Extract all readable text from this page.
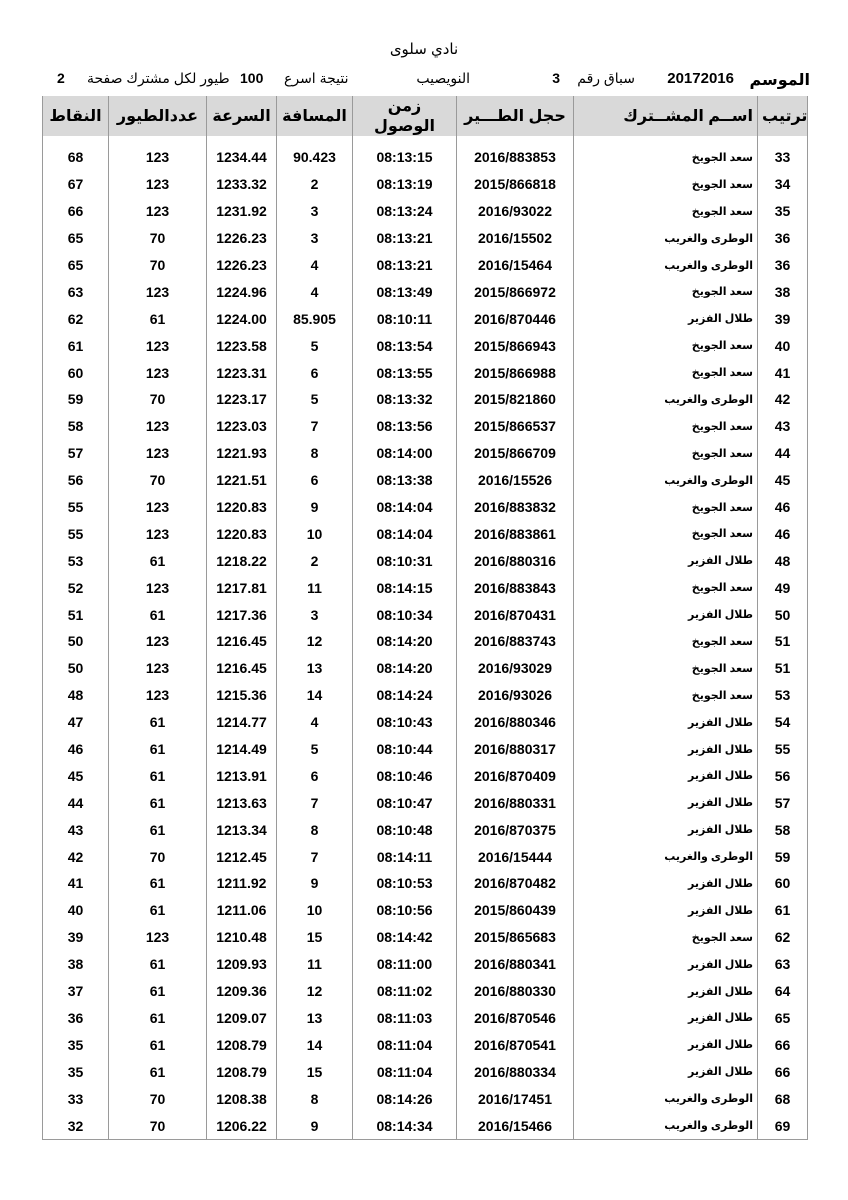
نادي سلوى
الموسم
20172016
سباق رقم
3
النويصيب
نتيجة اسرع
100
طيور لكل مشترك صفحة
2
النقاط	عددالطيور	السرعة	المسافة	زمن الوصول	حجل الطـــير	اســم المشــترك	ترتيب

68	123	1234.44	90.423	08:13:15	2016/883853	سعد الجويخ	33
67	123	1233.32	2	08:13:19	2015/866818	سعد الجويخ	34
66	123	1231.92	3	08:13:24	2016/93022	سعد الجويخ	35
65	70	1226.23	3	08:13:21	2016/15502	الوطرى والغريب	36
65	70	1226.23	4	08:13:21	2016/15464	الوطرى والغريب	36
63	123	1224.96	4	08:13:49	2015/866972	سعد الجويخ	38
62	61	1224.00	85.905	08:10:11	2016/870446	طلال الفزير	39
61	123	1223.58	5	08:13:54	2015/866943	سعد الجويخ	40
60	123	1223.31	6	08:13:55	2015/866988	سعد الجويخ	41
59	70	1223.17	5	08:13:32	2015/821860	الوطرى والغريب	42
58	123	1223.03	7	08:13:56	2015/866537	سعد الجويخ	43
57	123	1221.93	8	08:14:00	2015/866709	سعد الجويخ	44
56	70	1221.51	6	08:13:38	2016/15526	الوطرى والغريب	45
55	123	1220.83	9	08:14:04	2016/883832	سعد الجويخ	46
55	123	1220.83	10	08:14:04	2016/883861	سعد الجويخ	46
53	61	1218.22	2	08:10:31	2016/880316	طلال الفزير	48
52	123	1217.81	11	08:14:15	2016/883843	سعد الجويخ	49
51	61	1217.36	3	08:10:34	2016/870431	طلال الفزير	50
50	123	1216.45	12	08:14:20	2016/883743	سعد الجويخ	51
50	123	1216.45	13	08:14:20	2016/93029	سعد الجويخ	51
48	123	1215.36	14	08:14:24	2016/93026	سعد الجويخ	53
47	61	1214.77	4	08:10:43	2016/880346	طلال الفزير	54
46	61	1214.49	5	08:10:44	2016/880317	طلال الفزير	55
45	61	1213.91	6	08:10:46	2016/870409	طلال الفزير	56
44	61	1213.63	7	08:10:47	2016/880331	طلال الفزير	57
43	61	1213.34	8	08:10:48	2016/870375	طلال الفزير	58
42	70	1212.45	7	08:14:11	2016/15444	الوطرى والغريب	59
41	61	1211.92	9	08:10:53	2016/870482	طلال الفزير	60
40	61	1211.06	10	08:10:56	2015/860439	طلال الفزير	61
39	123	1210.48	15	08:14:42	2015/865683	سعد الجويخ	62
38	61	1209.93	11	08:11:00	2016/880341	طلال الفزير	63
37	61	1209.36	12	08:11:02	2016/880330	طلال الفزير	64
36	61	1209.07	13	08:11:03	2016/870546	طلال الفزير	65
35	61	1208.79	14	08:11:04	2016/870541	طلال الفزير	66
35	61	1208.79	15	08:11:04	2016/880334	طلال الفزير	66
33	70	1208.38	8	08:14:26	2016/17451	الوطرى والغريب	68
32	70	1206.22	9	08:14:34	2016/15466	الوطرى والغريب	69
